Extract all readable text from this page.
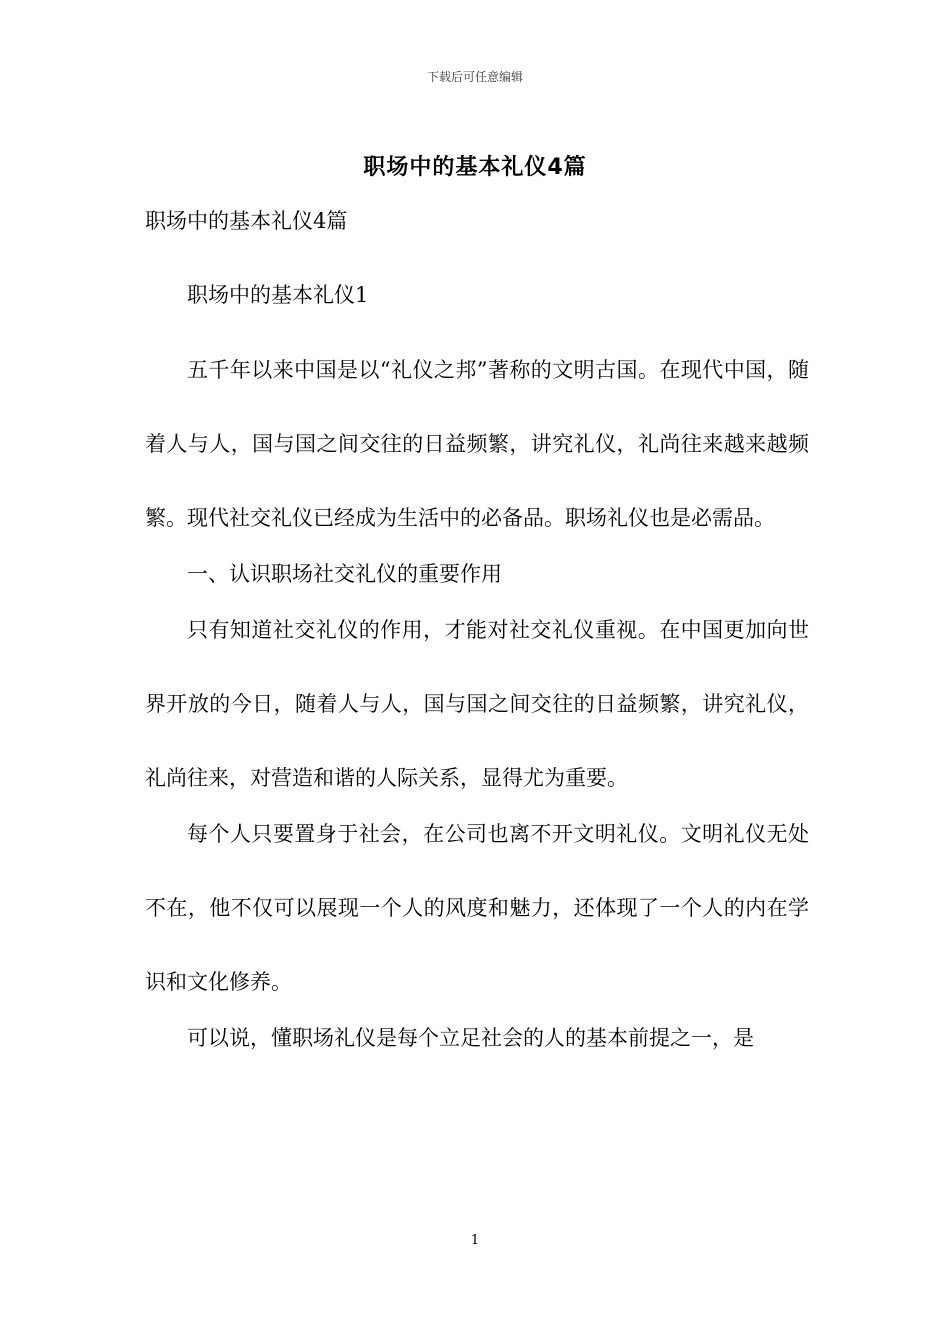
下载后可任意编辑
职场中的基本礼仪4篇

职场中的基本礼仪4篇

职场中的基本礼仪1

五千年以来中国是以“礼仪之邦”著称的文明古国。在现代中国，随着人与人，国与国之间交往的日益频繁，讲究礼仪，礼尚往来越来越频繁。现代社交礼仪已经成为生活中的必备品。职场礼仪也是必需品。

一、认识职场社交礼仪的重要作用

只有知道社交礼仪的作用，才能对社交礼仪重视。在中国更加向世界开放的今日，随着人与人，国与国之间交往的日益频繁，讲究礼仪，礼尚往来，对营造和谐的人际关系，显得尤为重要。

每个人只要置身于社会，在公司也离不开文明礼仪。文明礼仪无处不在，他不仅可以展现一个人的风度和魅力，还体现了一个人的内在学识和文化修养。

可以说，懂职场礼仪是每个立足社会的人的基本前提之一，是

1
